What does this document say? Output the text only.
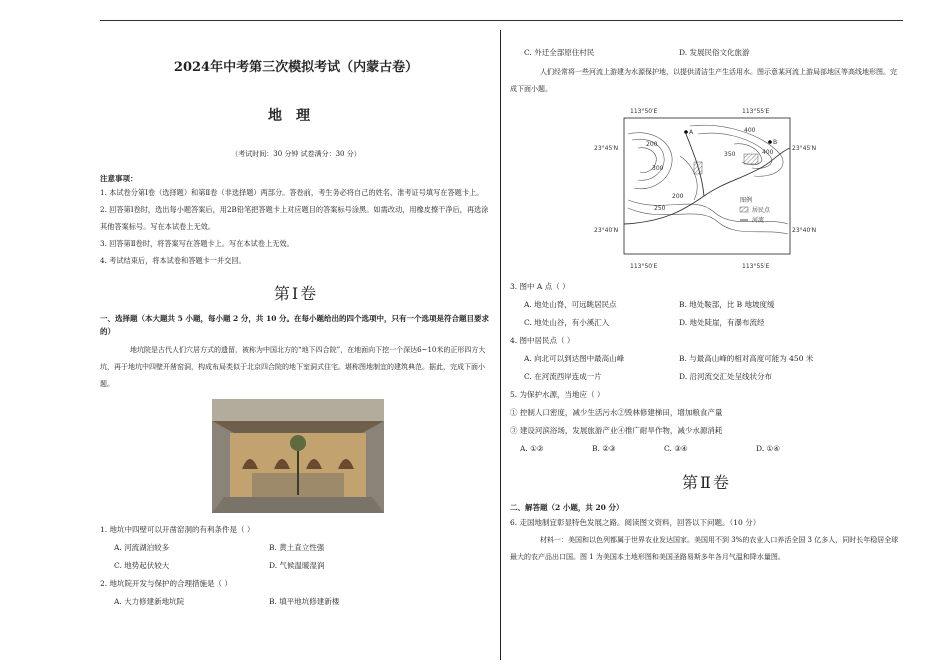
2024年中考第三次模拟考试（内蒙古卷）
地理
（考试时间：30 分钟 试卷满分：30 分）
注意事项：
1. 本试卷分第Ⅰ卷（选择题）和第Ⅱ卷（非选择题）两部分。答卷前，考生务必将自己的姓名、准考证号填写在答题卡上。
2. 回答第Ⅰ卷时，选出每小题答案后，用2B铅笔把答题卡上对应题目的答案标号涂黑。如需改动，用橡皮擦干净后，再选涂其他答案标号。写在本试卷上无效。
3. 回答第Ⅱ卷时，将答案写在答题卡上。写在本试卷上无效。
4. 考试结束后，将本试卷和答题卡一并交回。
第Ⅰ卷
一、选择题（本大题共 5 小题，每小题 2 分，共 10 分。在每小题给出的四个选项中，只有一个选项是符合题目要求的）
地坑院是古代人们穴居方式的遗留，被称为中国北方的“地下四合院”，在地面向下挖一个深达6~10米的正形四方大坑，再于地坑中四壁开凿窑洞，构成布局类似于北京四合院的地下室洞式住宅。堪称图地制宜的建筑典范。据此，完成下面小题。
1. 地坑中四壁可以开凿窑洞的有利条件是（ ）
A. 河流湖泊较多	B. 黄土直立性强
C. 地势起伏较大	D. 气候温暖湿润
2. 地坑院开发与保护的合理措施是（ ）
A. 大力修建新地坑院	B. 填平地坑修建新楼
C. 外迁全部原住村民	D. 发展民俗文化旅游
人们经常将一些河流上游建为水源保护地，以提供清洁生产生活用水。图示意某河流上游局部地区等高线地形图。完成下面小题。
113°50′E	113°55′E
113°50′E	113°55′E
23°45′N	23°45′N
23°40′N	23°40′N
A
B
200
400
400
350
300
200
250
图例
居民点
河流
3. 图中 A 点（ ）
A. 地处山脊，可远眺居民点	B. 地处鞍部，比 B 地坡度缓
C. 地处山谷，有小溪汇入	D. 地处陡崖，有瀑布流经
4. 图中居民点（ ）
A. 向北可以到达图中最高山峰	B. 与最高山峰的相对高度可能为 450 米
C. 在河流西岸连成一片	D. 沿河流交汇处呈线状分布
5. 为保护水源，当地应（ ）
① 控制人口密度，减少生活污水②毁林修建梯田，增加粮食产量
③ 建设河滨浴场，发展旅游产业④推广耐旱作物，减少水源消耗
A. ①②	B. ②③	C. ③④	D. ①④
第Ⅱ卷
二、解答题（2 小题，共 20 分）
6. 走国地制宜彰显特色发展之路。阅读图文资料，回答以下问题。（10 分）
材料一：美国和以色列都属于世界农业发达国家。美国用不到 3%的农业人口养活全国 3 亿多人，同时长年稳居全球最大的农产品出口国。图 1 为美国本土地形图和美国圣路易斯多年各月气温和降水量图。
